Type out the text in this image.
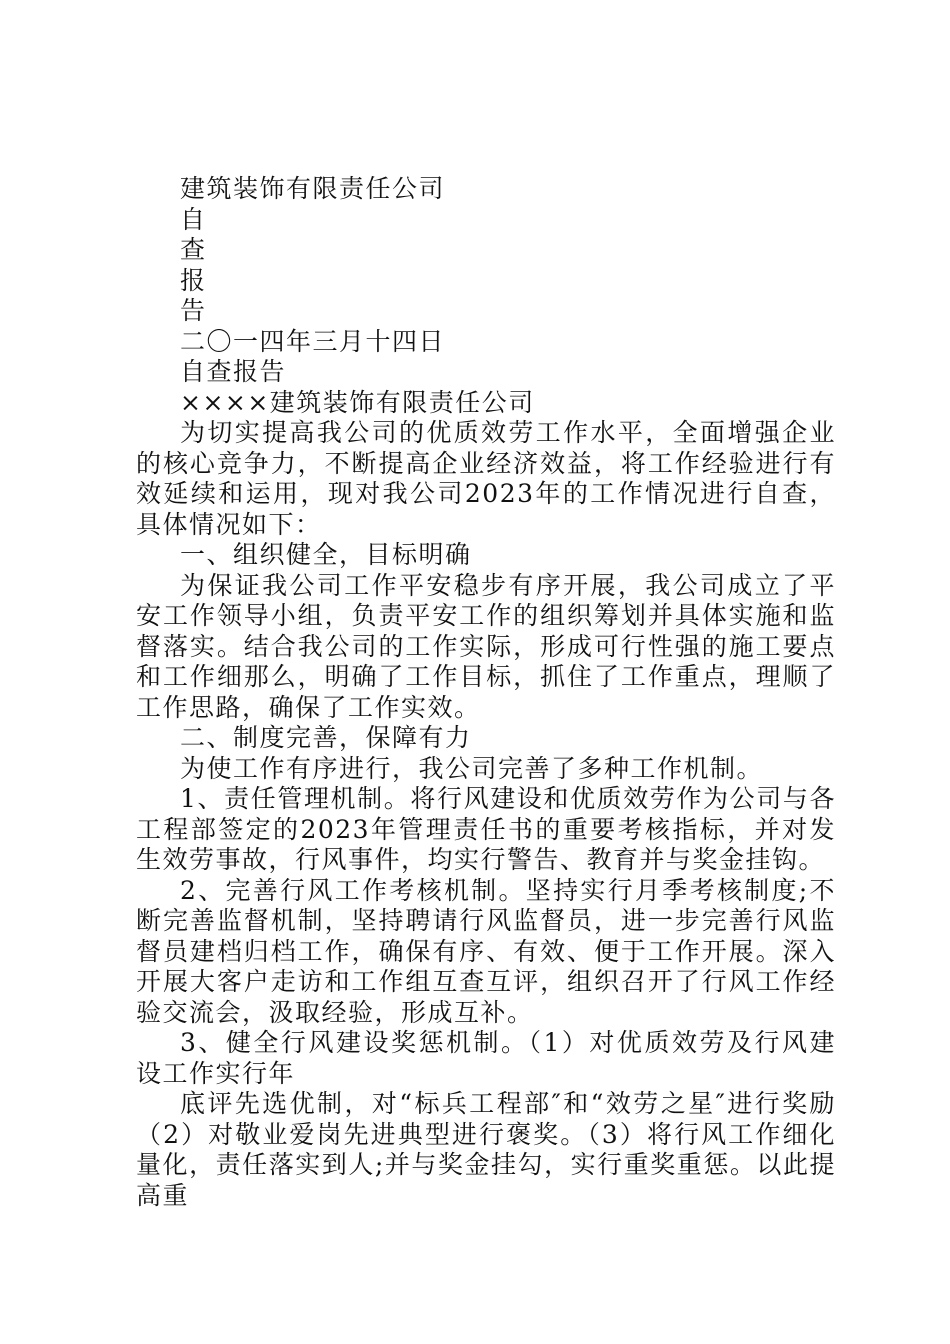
建筑装饰有限责任公司

自

查

报

告

二〇一四年三月十四日

自查报告

××××建筑装饰有限责任公司

为切实提高我公司的优质效劳工作水平，全面增强企业的核心竞争力，不断提高企业经济效益，将工作经验进行有效延续和运用，现对我公司2023年的工作情况进行自查，具体情况如下：

一、组织健全，目标明确

为保证我公司工作平安稳步有序开展，我公司成立了平安工作领导小组，负责平安工作的组织筹划并具体实施和监督落实。结合我公司的工作实际，形成可行性强的施工要点和工作细那么，明确了工作目标，抓住了工作重点，理顺了工作思路，确保了工作实效。

二、制度完善，保障有力

为使工作有序进行，我公司完善了多种工作机制。

1、责任管理机制。将行风建设和优质效劳作为公司与各工程部签定的2023年管理责任书的重要考核指标，并对发生效劳事故，行风事件，均实行警告、教育并与奖金挂钩。

2、完善行风工作考核机制。坚持实行月季考核制度;不断完善监督机制，坚持聘请行风监督员，进一步完善行风监督员建档归档工作，确保有序、有效、便于工作开展。深入开展大客户走访和工作组互查互评，组织召开了行风工作经验交流会，汲取经验，形成互补。

3、健全行风建设奖惩机制。（1）对优质效劳及行风建设工作实行年

底评先选优制，对“标兵工程部″和“效劳之星″进行奖励（2）对敬业爱岗先进典型进行褒奖。（3）将行风工作细化量化，责任落实到人;并与奖金挂勾，实行重奖重惩。以此提高重
